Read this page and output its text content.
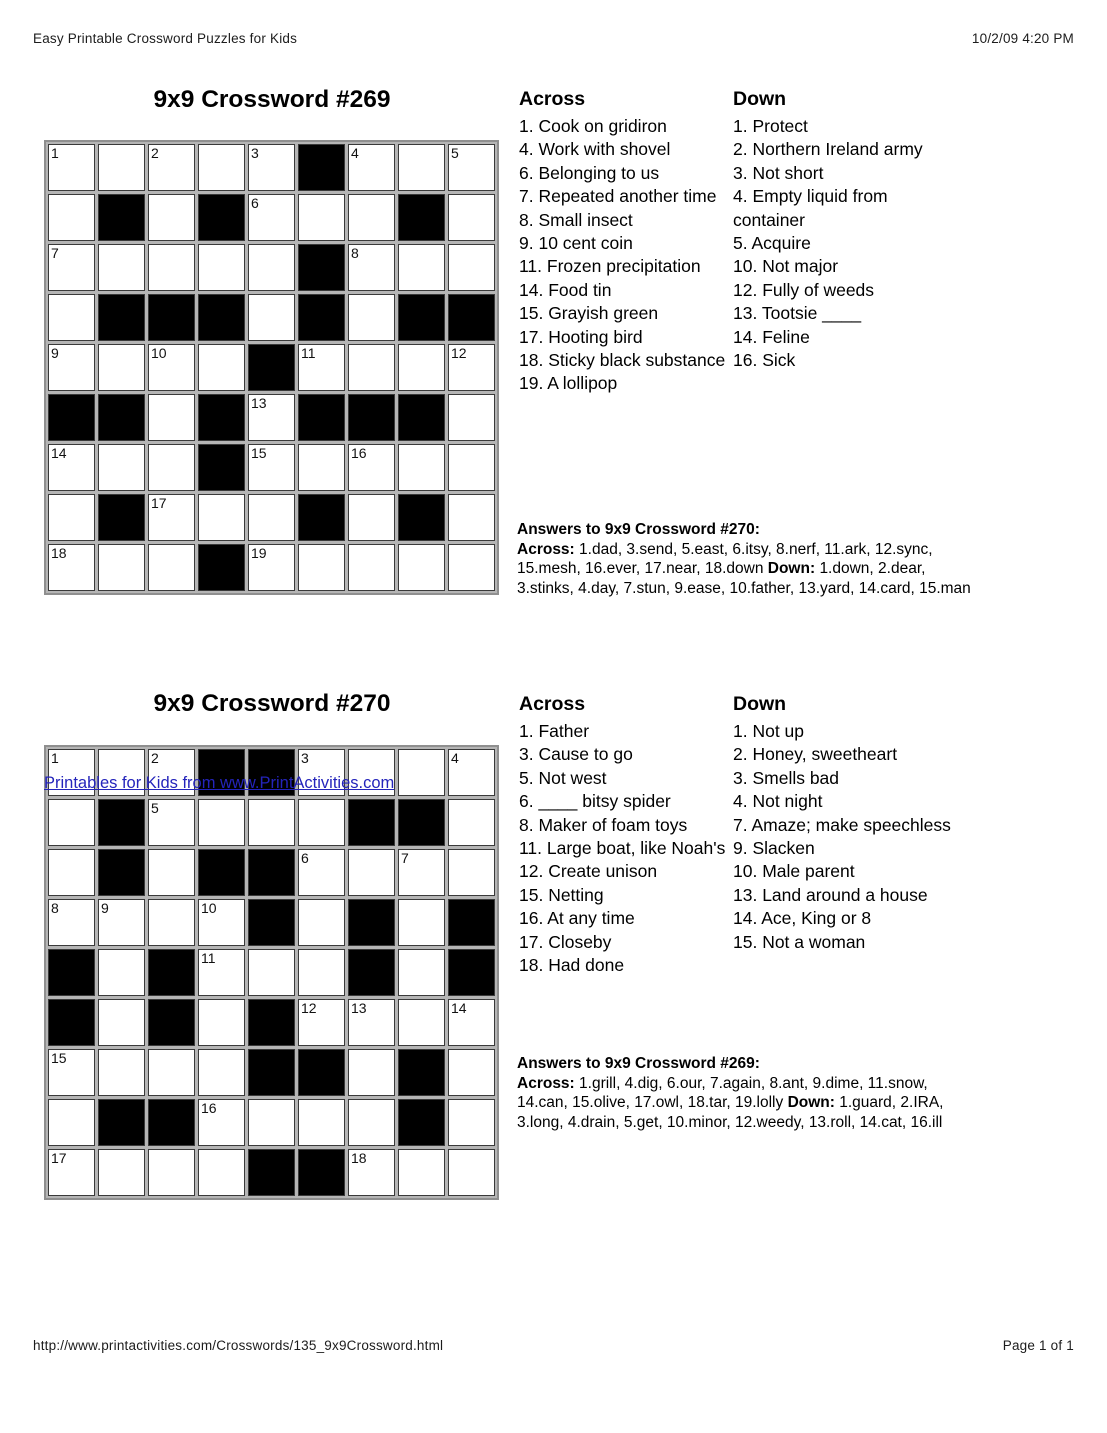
Easy Printable Crossword Puzzles for Kids	10/2/09 4:20 PM
9x9 Crossword #269
1	2	3	4	5
6
7	8
9	10	11	12
13
14	15	16
17
18	19
Across
1. Cook on gridiron
4. Work with shovel
6. Belonging to us
7. Repeated another time
8. Small insect
9. 10 cent coin
11. Frozen precipitation
14. Food tin
15. Grayish green
17. Hooting bird
18. Sticky black substance
19. A lollipop
Down
1. Protect
2. Northern Ireland army
3. Not short
4. Empty liquid from container
5. Acquire
10. Not major
12. Fully of weeds
13. Tootsie ____
14. Feline
16. Sick
Answers to 9x9 Crossword #270:
Across: 1.dad, 3.send, 5.east, 6.itsy, 8.nerf, 11.ark, 12.sync, 15.mesh, 16.ever, 17.near, 18.down Down: 1.down, 2.dear, 3.stinks, 4.day, 7.stun, 9.ease, 10.father, 13.yard, 14.card, 15.man
9x9 Crossword #270
1	2	3	4
5
6	7
8	9	10
11
12 13	14
15
16
17	18
Printables for Kids from www.PrintActivities.com
Across
1. Father
3. Cause to go
5. Not west
6. ____ bitsy spider
8. Maker of foam toys
11. Large boat, like Noah's
12. Create unison
15. Netting
16. At any time
17. Closeby
18. Had done
Down
1. Not up
2. Honey, sweetheart
3. Smells bad
4. Not night
7. Amaze; make speechless
9. Slacken
10. Male parent
13. Land around a house
14. Ace, King or 8
15. Not a woman
Answers to 9x9 Crossword #269:
Across: 1.grill, 4.dig, 6.our, 7.again, 8.ant, 9.dime, 11.snow, 14.can, 15.olive, 17.owl, 18.tar, 19.lolly Down: 1.guard, 2.IRA, 3.long, 4.drain, 5.get, 10.minor, 12.weedy, 13.roll, 14.cat, 16.ill
http://www.printactivities.com/Crosswords/135_9x9Crossword.html	Page 1 of 1
